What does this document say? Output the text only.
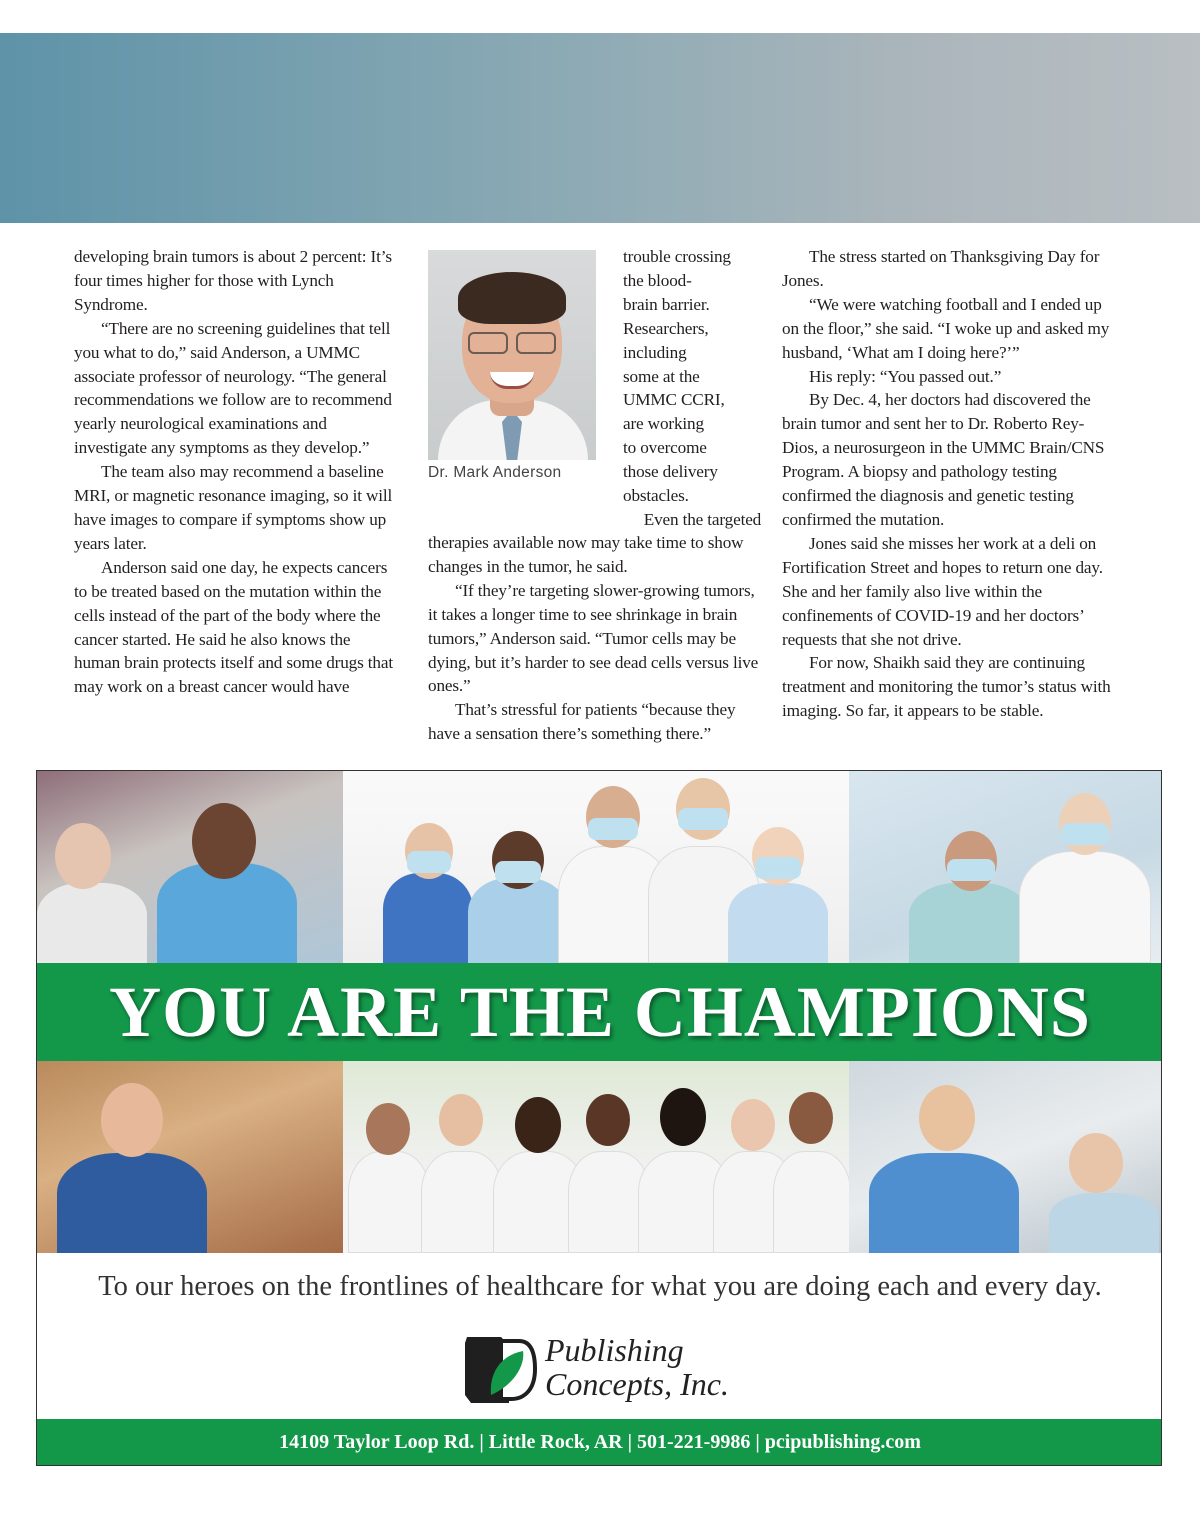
developing brain tumors is about 2 percent: It’s four times higher for those with Lynch Syndrome.

“There are no screening guidelines that tell you what to do,” said Anderson, a UMMC associate professor of neurology. “The general recommendations we follow are to recommend yearly neurological examinations and investigate any symptoms as they develop.”

The team also may recommend a baseline MRI, or magnetic resonance imaging, so it will have images to compare if symptoms show up years later.

Anderson said one day, he expects cancers to be treated based on the mutation within the cells instead of the part of the body where the cancer started. He said he also knows the human brain protects itself and some drugs that may work on a breast cancer would have

Dr. Mark Anderson
trouble crossing
the blood-
brain barrier.
Researchers,
including
some at the
UMMC CCRI,
are working
to overcome
those delivery
obstacles.
Even the targeted

therapies available now may take time to show changes in the tumor, he said.

“If they’re targeting slower-growing tumors, it takes a longer time to see shrinkage in brain tumors,” Anderson said. “Tumor cells may be dying, but it’s harder to see dead cells versus live ones.”

That’s stressful for patients “because they have a sensation there’s something there.”

The stress started on Thanksgiving Day for Jones.

“We were watching football and I ended up on the floor,” she said. “I woke up and asked my husband, ‘What am I doing here?’”

His reply: “You passed out.”

By Dec. 4, her doctors had discovered the brain tumor and sent her to Dr. Roberto Rey-Dios, a neurosurgeon in the UMMC Brain/CNS Program. A biopsy and pathology testing confirmed the diagnosis and genetic testing confirmed the mutation.

Jones said she misses her work at a deli on Fortification Street and hopes to return one day. She and her family also live within the confinements of COVID-19 and her doctors’ requests that she not drive.

For now, Shaikh said they are continuing treatment and monitoring the tumor’s status with imaging. So far, it appears to be stable.

YOU ARE THE CHAMPIONS
To our heroes on the frontlines of healthcare for what you are doing each and every day.
Publishing
Concepts, Inc.
14109 Taylor Loop Rd. | Little Rock, AR | 501-221-9986 | pcipublishing.com
